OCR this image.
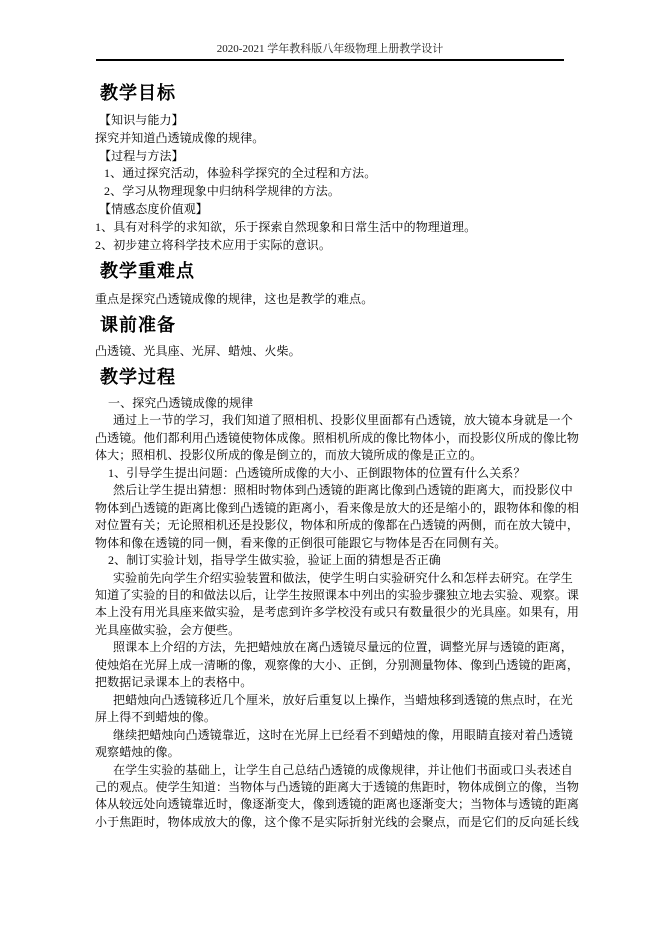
2020-2021 学年教科版八年级物理上册教学设计
教学目标
【知识与能力】
探究并知道凸透镜成像的规律。
【过程与方法】
1、通过探究活动，体验科学探究的全过程和方法。
2、学习从物理现象中归纳科学规律的方法。
【情感态度价值观】
1、具有对科学的求知欲，乐于探索自然现象和日常生活中的物理道理。
2、初步建立将科学技术应用于实际的意识。
教学重难点
重点是探究凸透镜成像的规律，这也是教学的难点。
课前准备
凸透镜、光具座、光屏、蜡烛、火柴。
教学过程
一、探究凸透镜成像的规律
通过上一节的学习，我们知道了照相机、投影仪里面都有凸透镜，放大镜本身就是一个
凸透镜。他们都利用凸透镜使物体成像。照相机所成的像比物体小，而投影仪所成的像比物
体大；照相机、投影仪所成的像是倒立的，而放大镜所成的像是正立的。
1、引导学生提出问题：凸透镜所成像的大小、正倒跟物体的位置有什么关系？
然后让学生提出猜想：照相时物体到凸透镜的距离比像到凸透镜的距离大，而投影仪中
物体到凸透镜的距离比像到凸透镜的距离小，看来像是放大的还是缩小的，跟物体和像的相
对位置有关；无论照相机还是投影仪，物体和所成的像都在凸透镜的两侧，而在放大镜中，
物体和像在透镜的同一侧，看来像的正倒很可能跟它与物体是否在同侧有关。
2、制订实验计划，指导学生做实验，验证上面的猜想是否正确
实验前先向学生介绍实验装置和做法，使学生明白实验研究什么和怎样去研究。在学生
知道了实验的目的和做法以后，让学生按照课本中列出的实验步骤独立地去实验、观察。课
本上没有用光具座来做实验，是考虑到许多学校没有或只有数量很少的光具座。如果有，用
光具座做实验，会方便些。
照课本上介绍的方法，先把蜡烛放在离凸透镜尽量远的位置，调整光屏与透镜的距离，
使烛焰在光屏上成一清晰的像，观察像的大小、正倒，分别测量物体、像到凸透镜的距离，
把数据记录课本上的表格中。
把蜡烛向凸透镜移近几个厘米，放好后重复以上操作，当蜡烛移到透镜的焦点时，在光
屏上得不到蜡烛的像。
继续把蜡烛向凸透镜靠近，这时在光屏上已经看不到蜡烛的像，用眼睛直接对着凸透镜
观察蜡烛的像。
在学生实验的基础上，让学生自己总结凸透镜的成像规律，并让他们书面或口头表述自
己的观点。使学生知道：当物体与凸透镜的距离大于透镜的焦距时，物体成倒立的像，当物
体从较远处向透镜靠近时，像逐渐变大，像到透镜的距离也逐渐变大；当物体与透镜的距离
小于焦距时，物体成放大的像，这个像不是实际折射光线的会聚点，而是它们的反向延长线
